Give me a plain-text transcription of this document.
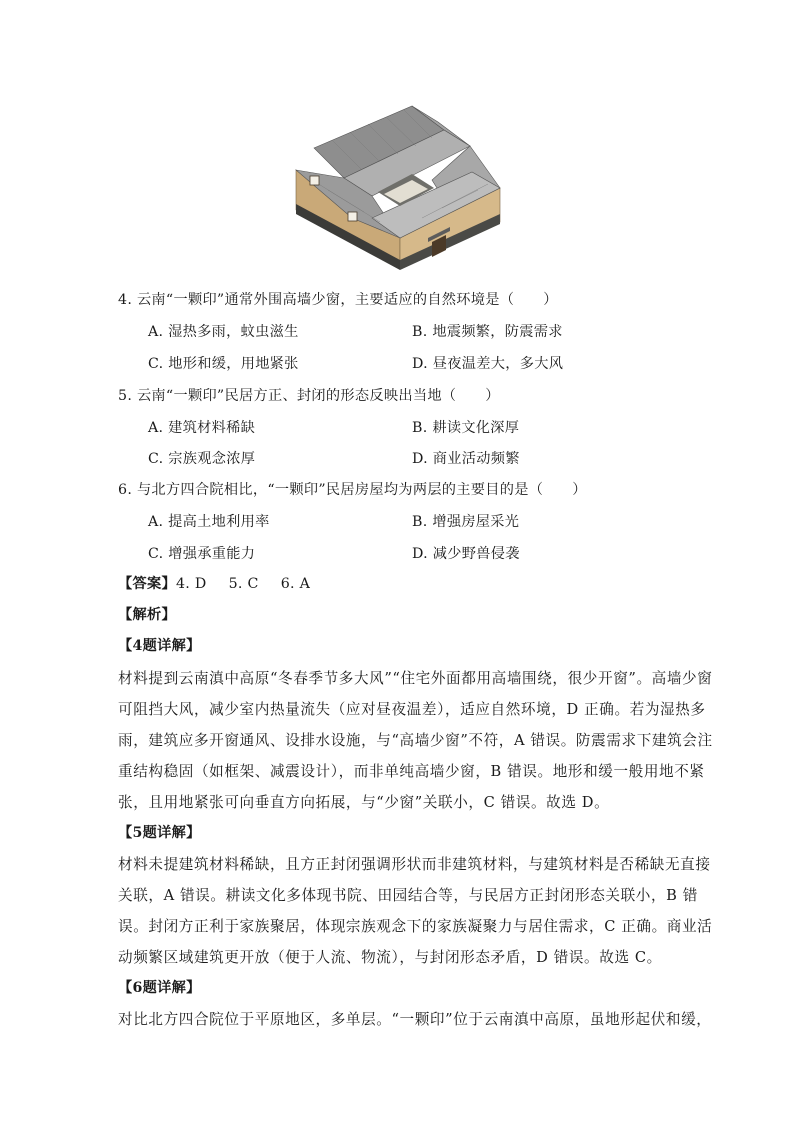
4. 云南“一颗印”通常外围高墙少窗，主要适应的自然环境是（　　）
A. 湿热多雨，蚊虫滋生	B. 地震频繁，防震需求
C. 地形和缓，用地紧张	D. 昼夜温差大，多大风
5. 云南“一颗印”民居方正、封闭的形态反映出当地（　　）
A. 建筑材料稀缺	B. 耕读文化深厚
C. 宗族观念浓厚	D. 商业活动频繁
6. 与北方四合院相比，“一颗印”民居房屋均为两层的主要目的是（　　）
A. 提高土地利用率	B. 增强房屋采光
C. 增强承重能力	D. 减少野兽侵袭
【答案】4. D 5. C 6. A
【解析】
【4题详解】
材料提到云南滇中高原“冬春季节多大风”“住宅外面都用高墙围绕，很少开窗”。高墙少窗
可阻挡大风，减少室内热量流失（应对昼夜温差），适应自然环境，D 正确。若为湿热多
雨，建筑应多开窗通风、设排水设施，与“高墙少窗”不符，A 错误。防震需求下建筑会注
重结构稳固（如框架、减震设计），而非单纯高墙少窗，B 错误。地形和缓一般用地不紧
张，且用地紧张可向垂直方向拓展，与“少窗”关联小，C 错误。故选 D。
【5题详解】
材料未提建筑材料稀缺，且方正封闭强调形状而非建筑材料，与建筑材料是否稀缺无直接
关联，A 错误。耕读文化多体现书院、田园结合等，与民居方正封闭形态关联小，B 错
误。封闭方正利于家族聚居，体现宗族观念下的家族凝聚力与居住需求，C 正确。商业活
动频繁区域建筑更开放（便于人流、物流），与封闭形态矛盾，D 错误。故选 C。
【6题详解】
对比北方四合院位于平原地区，多单层。“一颗印”位于云南滇中高原，虽地形起伏和缓，
